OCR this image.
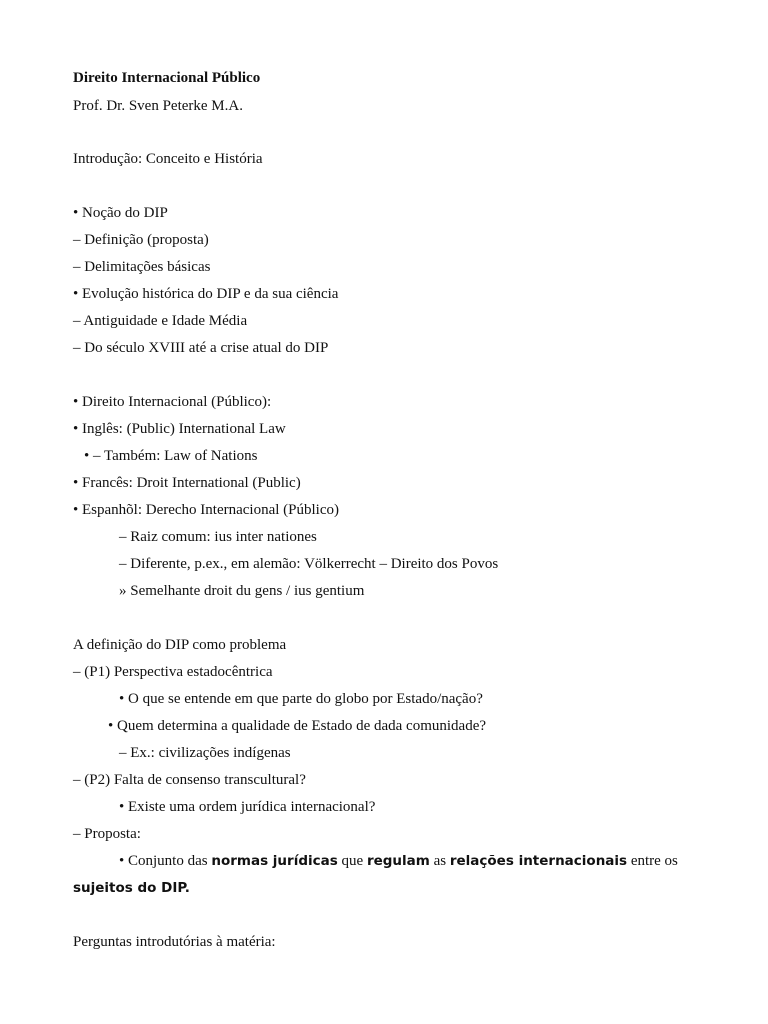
Direito Internacional Público
Prof. Dr. Sven Peterke M.A.
Introdução: Conceito e História
• Noção do DIP
– Definição (proposta)
– Delimitações básicas
• Evolução histórica do DIP e da sua ciência
– Antiguidade e Idade Média
– Do século XVIII até a crise atual do DIP
• Direito Internacional (Público):
• Inglês: (Public) International Law
• – Também: Law of Nations
• Francês: Droit International (Public)
• Espanhõl: Derecho Internacional (Público)
– Raiz comum: ius inter nationes
– Diferente, p.ex., em alemão: Völkerrecht – Direito dos Povos
» Semelhante droit du gens / ius gentium
A definição do DIP como problema
– (P1) Perspectiva estadocêntrica
• O que se entende em que parte do globo por Estado/nação?
• Quem determina a qualidade de Estado de dada comunidade?
– Ex.: civilizações indígenas
– (P2) Falta de consenso transcultural?
• Existe uma ordem jurídica internacional?
– Proposta:
• Conjunto das normas jurídicas que regulam as relações internacionais entre os sujeitos do DIP.
Perguntas introdutórias à matéria:
